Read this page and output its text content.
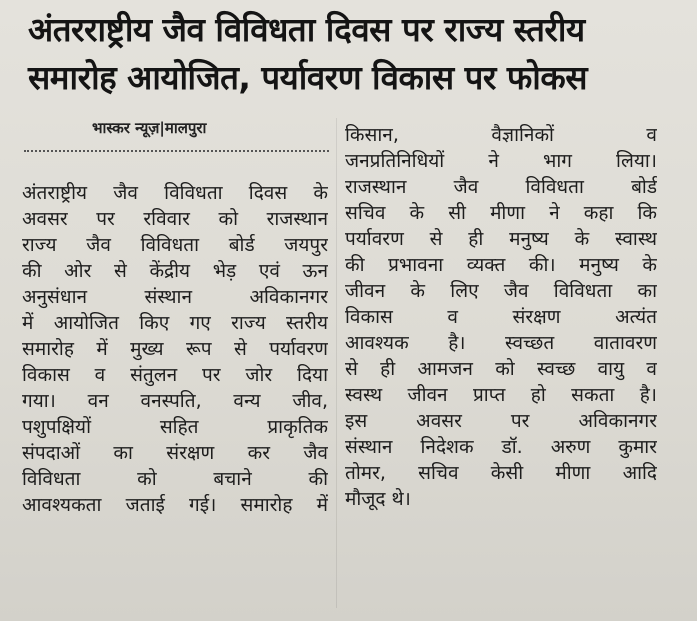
अंतरराष्ट्रीय जैव विविधता दिवस पर राज्य स्तरीय
समारोह आयोजित, पर्यावरण विकास पर फोकस
भास्कर न्यूज़|मालपुरा
अंतराष्ट्रीय जैव विविधता दिवस के
अवसर पर रविवार को राजस्थान
राज्य जैव विविधता बोर्ड जयपुर
की ओर से केंद्रीय भेड़ एवं ऊन
अनुसंधान संस्थान अविकानगर
में आयोजित किए गए राज्य स्तरीय
समारोह में मुख्य रूप से पर्यावरण
विकास व संतुलन पर जोर दिया
गया। वन वनस्पति, वन्य जीव,
पशुपक्षियों सहित प्राकृतिक
संपदाओं का संरक्षण कर जैव
विविधता को बचाने की
आवश्यकता जताई गई। समारोह में
किसान, वैज्ञानिकों व
जनप्रतिनिधियों ने भाग लिया।
राजस्थान जैव विविधता बोर्ड
सचिव के सी मीणा ने कहा कि
पर्यावरण से ही मनुष्य के स्वास्थ
की प्रभावना व्यक्त की। मनुष्य के
जीवन के लिए जैव विविधता का
विकास व संरक्षण अत्यंत
आवश्यक है। स्वच्छत वातावरण
से ही आमजन को स्वच्छ वायु व
स्वस्थ जीवन प्राप्त हो सकता है।
इस अवसर पर अविकानगर
संस्थान निदेशक डॉ. अरुण कुमार
तोमर, सचिव केसी मीणा आदि
मौजूद थे।
